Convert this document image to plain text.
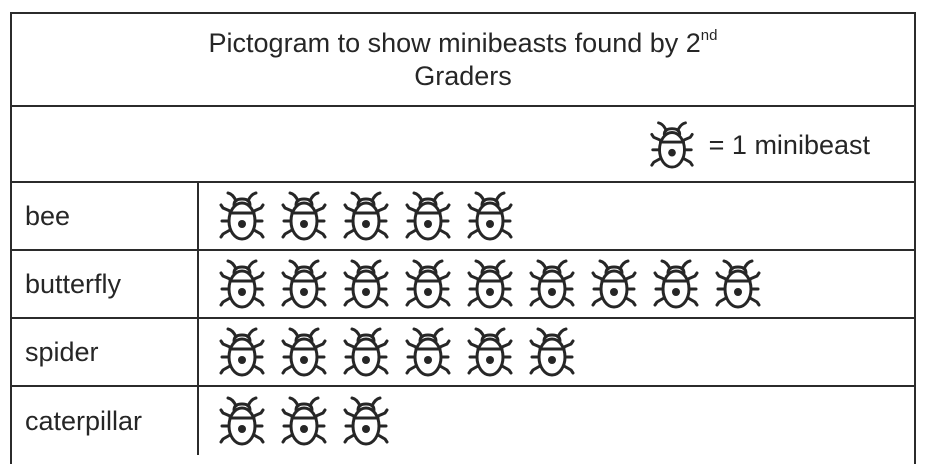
Pictogram to show minibeasts found by 2nd
Graders
= 1 minibeast
bee
butterfly
spider
caterpillar
